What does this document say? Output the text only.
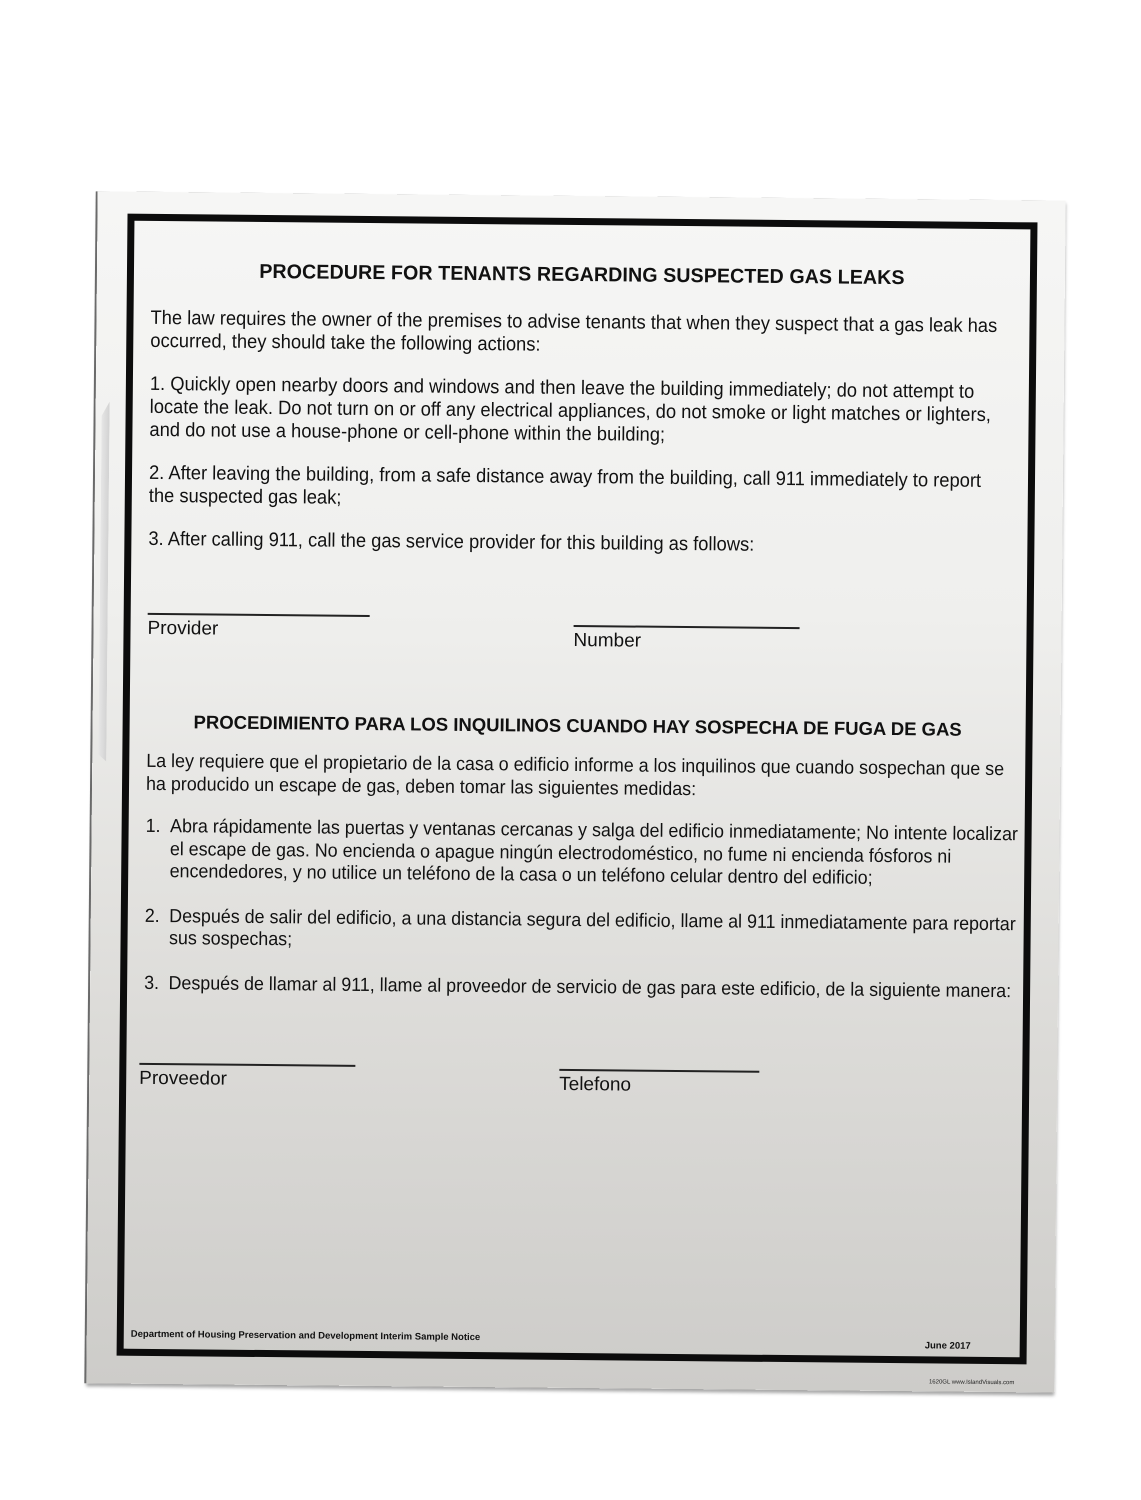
PROCEDURE FOR TENANTS REGARDING SUSPECTED GAS LEAKS

The law requires the owner of the premises to advise tenants that when they suspect that a gas leak has occurred, they should take the following actions:

1. Quickly open nearby doors and windows and then leave the building immediately; do not attempt to locate the leak. Do not turn on or off any electrical appliances, do not smoke or light matches or lighters, and do not use a house-phone or cell-phone within the building;

2. After leaving the building, from a safe distance away from the building, call 911 immediately to report the suspected gas leak;

3. After calling 911, call the gas service provider for this building as follows:

Provider
Number
PROCEDIMIENTO PARA LOS INQUILINOS CUANDO HAY SOSPECHA DE FUGA DE GAS

La ley requiere que el propietario de la casa o edificio informe a los inquilinos que cuando sospechan que se ha producido un escape de gas, deben tomar las siguientes medidas:

1. Abra rápidamente las puertas y ventanas cercanas y salga del edificio inmediatamente; No intente localizar el escape de gas. No encienda o apague ningún electrodoméstico, no fume ni encienda fósforos ni encendedores, y no utilice un teléfono de la casa o un teléfono celular dentro del edificio;
2. Después de salir del edificio, a una distancia segura del edificio, llame al 911 inmediatamente para reportar sus sospechas;
3. Después de llamar al 911, llame al proveedor de servicio de gas para este edificio, de la siguiente manera:
Proveedor	Telefono
Department of Housing Preservation and Development Interim Sample Notice
June 2017
1620GL www.IslandVisuals.com
